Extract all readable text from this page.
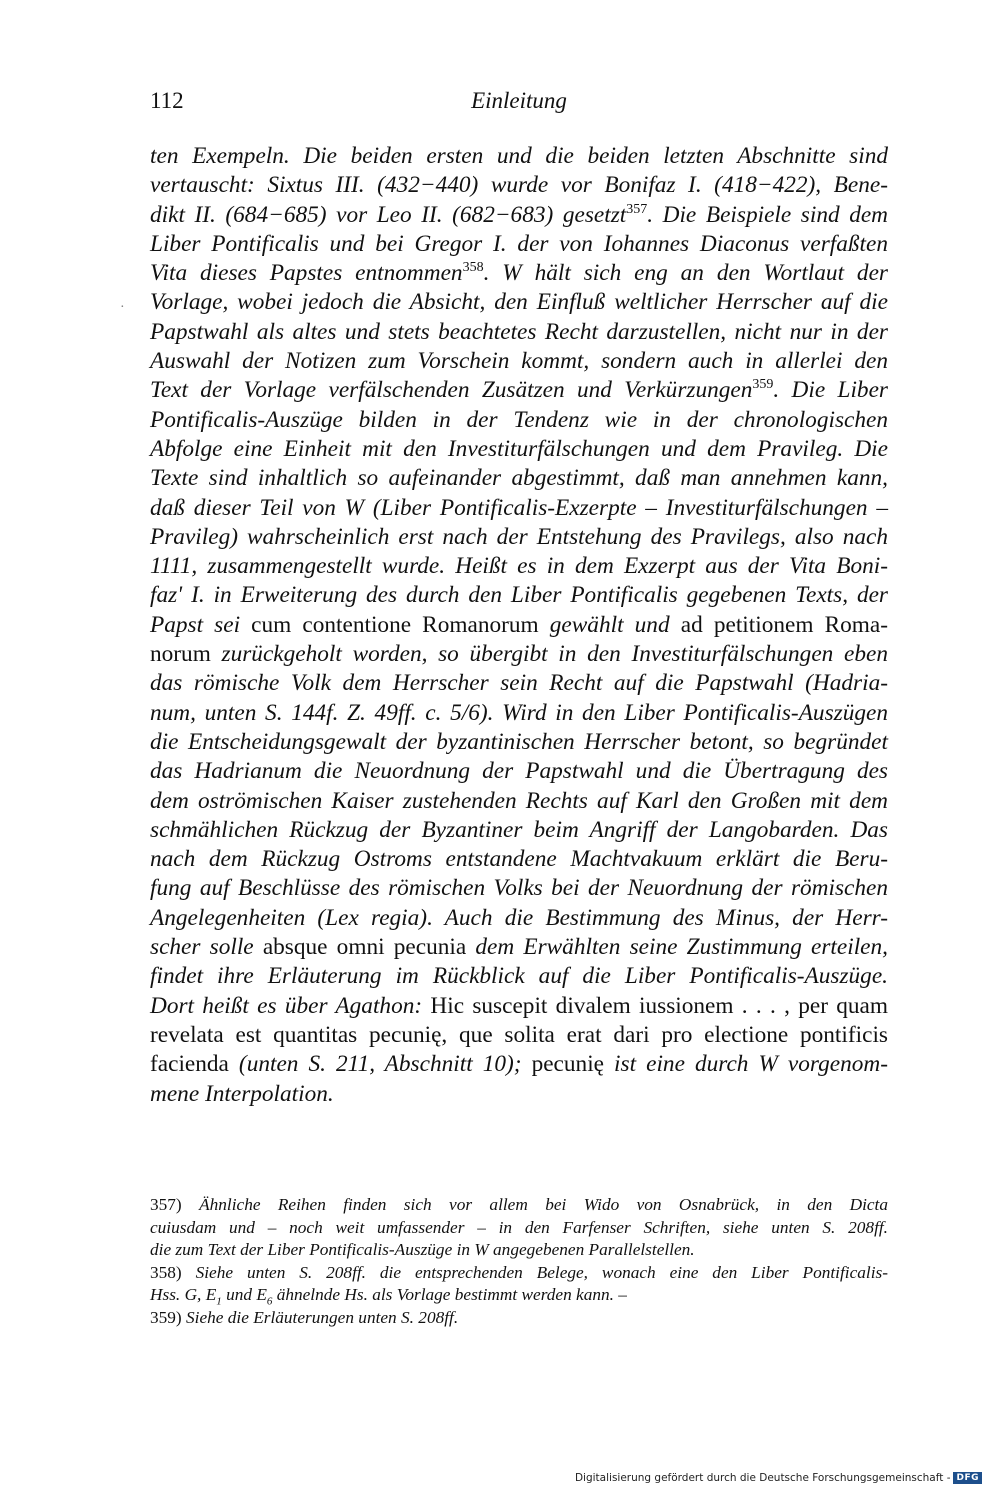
112	Einleitung
ten Exempeln. Die beiden ersten und die beiden letzten Abschnitte sind
vertauscht: Sixtus III. (432−440) wurde vor Bonifaz I. (418−422), Bene-
dikt II. (684−685) vor Leo II. (682−683) gesetzt$^{357}$. Die Beispiele sind dem
Liber Pontificalis und bei Gregor I. der von Iohannes Diaconus verfaßten
Vita dieses Papstes entnommen$^{358}$. W hält sich eng an den Wortlaut der
Vorlage, wobei jedoch die Absicht, den Einfluß weltlicher Herrscher auf die
Papstwahl als altes und stets beachtetes Recht darzustellen, nicht nur in der
Auswahl der Notizen zum Vorschein kommt, sondern auch in allerlei den
Text der Vorlage verfälschenden Zusätzen und Verkürzungen$^{359}$. Die Liber
Pontificalis-Auszüge bilden in der Tendenz wie in der chronologischen
Abfolge eine Einheit mit den Investiturfälschungen und dem Pravileg. Die
Texte sind inhaltlich so aufeinander abgestimmt, daß man annehmen kann,
daß dieser Teil von W (Liber Pontificalis-Exzerpte – Investiturfälschungen –
Pravileg) wahrscheinlich erst nach der Entstehung des Pravilegs, also nach
1111, zusammengestellt wurde. Heißt es in dem Exzerpt aus der Vita Boni-
faz' I. in Erweiterung des durch den Liber Pontificalis gegebenen Texts, der
Papst sei cum contentione Romanorum gewählt und ad petitionem Roma-
norum zurückgeholt worden, so übergibt in den Investiturfälschungen eben
das römische Volk dem Herrscher sein Recht auf die Papstwahl (Hadria-
num, unten S. 144f. Z. 49ff. c. 5/6). Wird in den Liber Pontificalis-Auszügen
die Entscheidungsgewalt der byzantinischen Herrscher betont, so begründet
das Hadrianum die Neuordnung der Papstwahl und die Übertragung des
dem oströmischen Kaiser zustehenden Rechts auf Karl den Großen mit dem
schmählichen Rückzug der Byzantiner beim Angriff der Langobarden. Das
nach dem Rückzug Ostroms entstandene Machtvakuum erklärt die Beru-
fung auf Beschlüsse des römischen Volks bei der Neuordnung der römischen
Angelegenheiten (Lex regia). Auch die Bestimmung des Minus, der Herr-
scher solle absque omni pecunia dem Erwählten seine Zustimmung erteilen,
findet ihre Erläuterung im Rückblick auf die Liber Pontificalis-Auszüge.
Dort heißt es über Agathon: Hic suscepit divalem iussionem . . . , per quam
revelata est quantitas pecunię, que solita erat dari pro electione pontificis
facienda (unten S. 211, Abschnitt 10); pecunię ist eine durch W vorgenom-
mene Interpolation.
·
357) Ähnliche Reihen finden sich vor allem bei Wido von Osnabrück, in den Dicta
cuiusdam und – noch weit umfassender – in den Farfenser Schriften, siehe unten S. 208ff.
die zum Text der Liber Pontificalis-Auszüge in W angegebenen Parallelstellen.
358) Siehe unten S. 208ff. die entsprechenden Belege, wonach eine den Liber Pontificalis-
Hss. G, $E_1$ und $E_6$ ähnelnde Hs. als Vorlage bestimmt werden kann. –
359) Siehe die Erläuterungen unten S. 208ff.
Digitalisierung gefördert durch die Deutsche Forschungsgemeinschaft - DFG
